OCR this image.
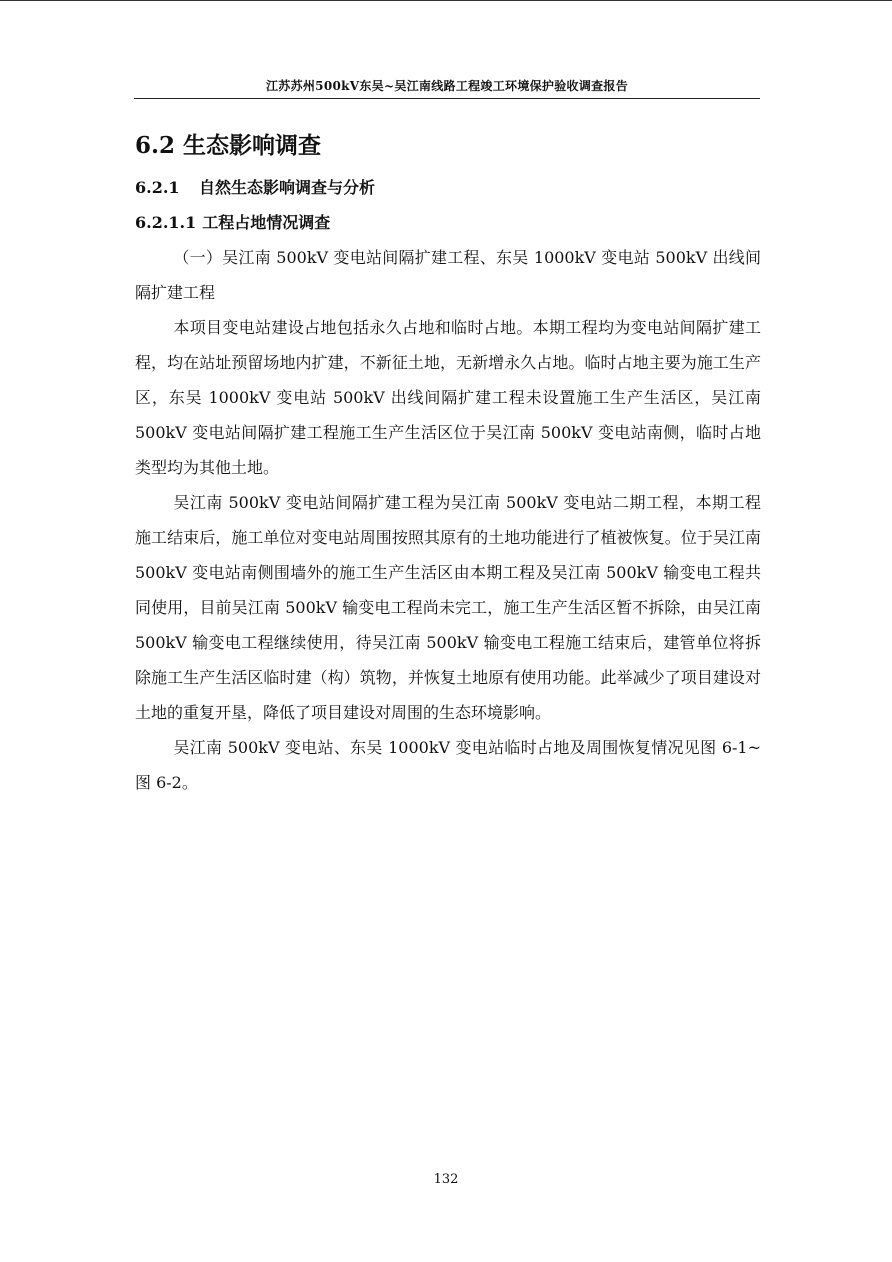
江苏苏州500kV东吴~吴江南线路工程竣工环境保护验收调查报告
6.2 生态影响调查
6.2.1 自然生态影响调查与分析
6.2.1.1 工程占地情况调查

（一）吴江南 500kV 变电站间隔扩建工程、东吴 1000kV 变电站 500kV 出线间隔扩建工程

本项目变电站建设占地包括永久占地和临时占地。本期工程均为变电站间隔扩建工程，均在站址预留场地内扩建，不新征土地，无新增永久占地。临时占地主要为施工生产区，东吴 1000kV 变电站 500kV 出线间隔扩建工程未设置施工生产生活区，吴江南 500kV 变电站间隔扩建工程施工生产生活区位于吴江南 500kV 变电站南侧，临时占地类型均为其他土地。

吴江南 500kV 变电站间隔扩建工程为吴江南 500kV 变电站二期工程，本期工程施工结束后，施工单位对变电站周围按照其原有的土地功能进行了植被恢复。位于吴江南 500kV 变电站南侧围墙外的施工生产生活区由本期工程及吴江南 500kV 输变电工程共同使用，目前吴江南 500kV 输变电工程尚未完工，施工生产生活区暂不拆除，由吴江南 500kV 输变电工程继续使用，待吴江南 500kV 输变电工程施工结束后，建管单位将拆除施工生产生活区临时建（构）筑物，并恢复土地原有使用功能。此举减少了项目建设对土地的重复开垦，降低了项目建设对周围的生态环境影响。

吴江南 500kV 变电站、东吴 1000kV 变电站临时占地及周围恢复情况见图 6-1~图 6-2。

132
